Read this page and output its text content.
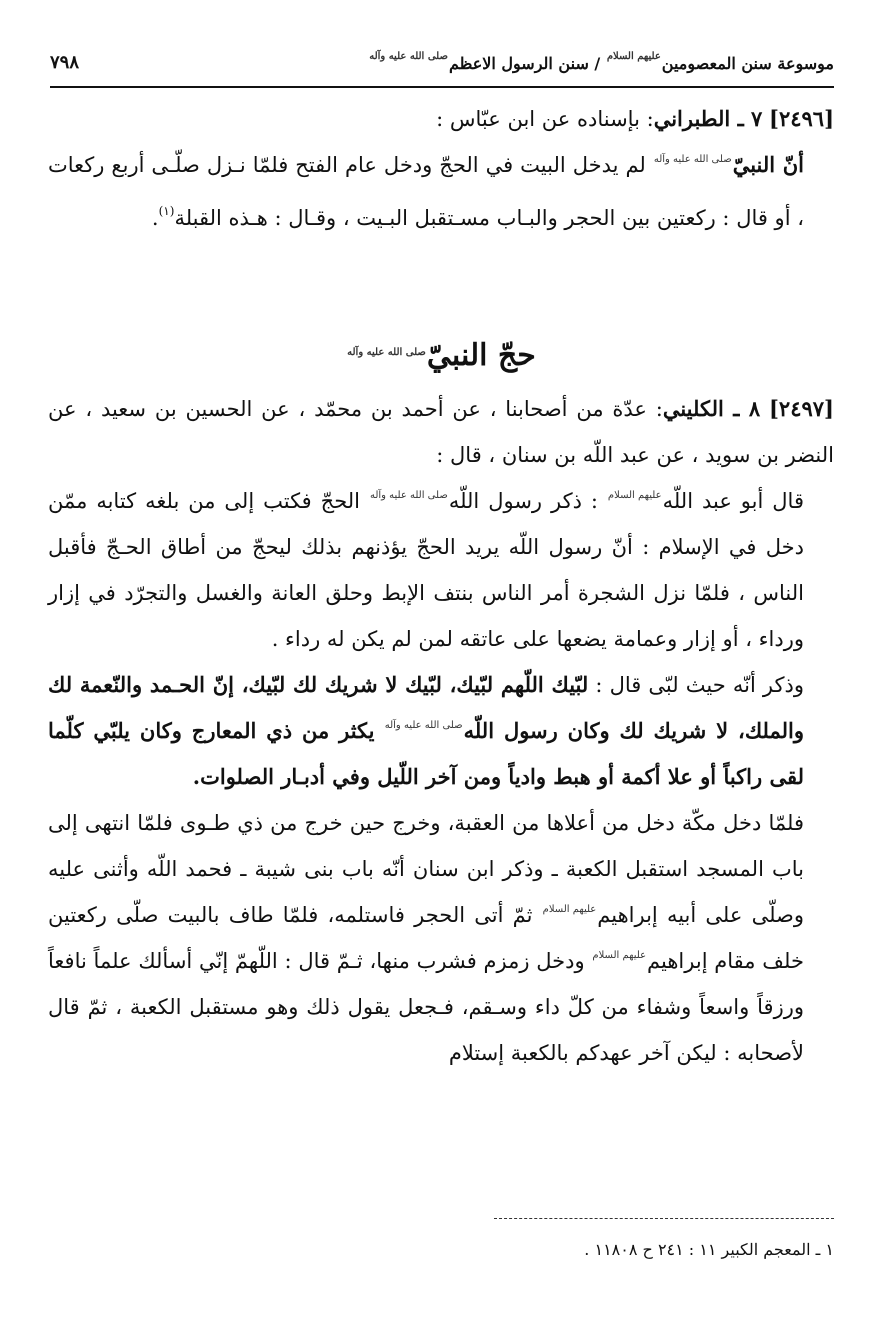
موسوعة سنن المعصومينعليهم السلام / سنن الرسول الاعظمصلى الله عليه وآله
٧٩٨

[٢٤٩٦] ٧ ـ الطبراني: بإسناده عن ابن عبّاس :

أنّ النبيّصلى الله عليه وآله لم يدخل البيت في الحجّ ودخل عام الفتح فلمّا نـزل صلّـى أربع ركعات ، أو قال : ركعتين بين الحجر والبـاب مسـتقبل البـيت ، وقـال : هـذه القبلة$^{(١)}$.

حجّ النبيّصلى الله عليه وآله

[٢٤٩٧] ٨ ـ الكليني: عدّة من أصحابنا ، عن أحمد بن محمّد ، عن الحسين بن سعيد ، عن النضر بن سويد ، عن عبد اللّه بن سنان ، قال :

قال أبو عبد اللّهعليهم السلام : ذكر رسول اللّهصلى الله عليه وآله الحجّ فكتب إلى من بلغه كتابه ممّن دخل في الإسلام : أنّ رسول اللّه يريد الحجّ يؤذنهم بذلك ليحجّ من أطاق الحـجّ فأقبل الناس ، فلمّا نزل الشجرة أمر الناس بنتف الإبط وحلق العانة والغسل والتجرّد في إزار ورداء ، أو إزار وعمامة يضعها على عاتقه لمن لم يكن له رداء .

وذكر أنّه حيث لبّى قال : لبّيك اللّهم لبّيك، لبّيك لا شريك لك لبّيك، إنّ الحـمد والنّعمة لك والملك، لا شريك لك وكان رسول اللّهصلى الله عليه وآله يكثر من ذي المعارج وكان يلبّي كلّما لقى راكباً أو علا أكمة أو هبط وادياً ومن آخر اللّيل وفي أدبـار الصلوات.

فلمّا دخل مكّة دخل من أعلاها من العقبة، وخرج حين خرج من ذي طـوى فلمّا انتهى إلى باب المسجد استقبل الكعبة ـ وذكر ابن سنان أنّه باب بنى شيبة ـ فحمد اللّه وأثنى عليه وصلّى على أبيه إبراهيمعليهم السلام ثمّ أتى الحجر فاستلمه، فلمّا طاف بالبيت صلّى ركعتين خلف مقام إبراهيمعليهم السلام ودخل زمزم فشرب منها، ثـمّ قال : اللّهمّ إنّي أسألك علماً نافعاً ورزقاً واسعاً وشفاء من كلّ داء وسـقم، فـجعل يقول ذلك وهو مستقبل الكعبة ، ثمّ قال لأصحابه : ليكن آخر عهدكم بالكعبة إستلام

١ ـ المعجم الكبير ١١ : ٢٤١ ح ١١٨٠٨ .
